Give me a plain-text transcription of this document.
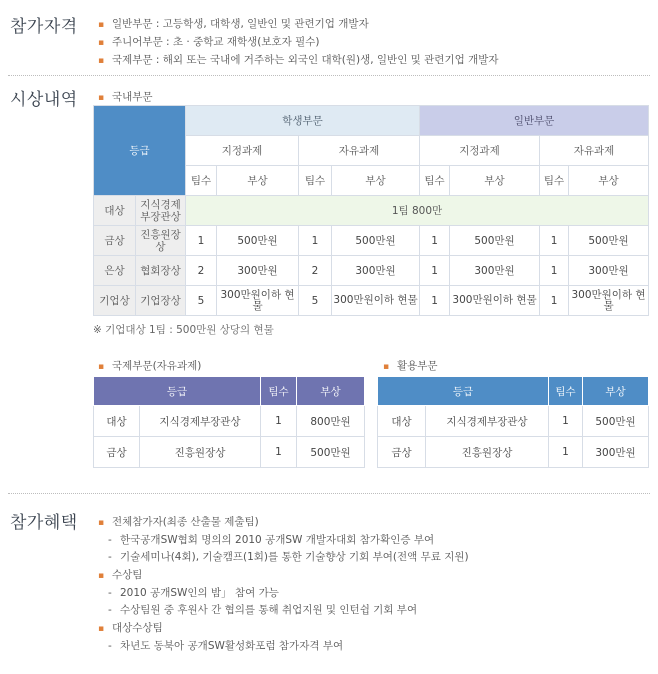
참가자격 ▪ 일반부문 : 고등학생, 대학생, 일반인 및 관련기업 개발자
▪ 주니어부문 : 초 · 중학교 재학생(보호자 필수)
▪ 국제부문 : 해외 또는 국내에 거주하는 외국인 대학(원)생, 일반인 및 관련기업 개발자
시상내역 ▪ 국내부문
등급		학생부문				일반부문			
		지정과제		자유과제		지정과제		자유과제	
		팀수	부상	팀수	부상	팀수	부상	팀수	부상
대상	지식경제부장관상	1팀 800만							
금상	진흥원장상	1	500만원	1	500만원	1	500만원	1	500만원
은상	협회장상	2	300만원	2	300만원	1	300만원	1	300만원
기업상	기업장상	5	300만원이하 현물	5	300만원이하 현물	1	300만원이하 현물	1	300만원이하 현물
※ 기업대상 1팀 : 500만원 상당의 현물
▪ 국제부문(자유과제)
등급		팀수	부상
대상	지식경제부장관상	1	800만원
금상	진흥원장상	1	500만원
▪ 활용부문
등급		팀수	부상
대상	지식경제부장관상	1	500만원
금상	진흥원장상	1	300만원
참가혜택 ▪ 전체참가자(최종 산출물 제출팀)
- 한국공개SW협회 명의의 2010 공개SW 개발자대회 참가확인증 부여
- 기술세미나(4회), 기술캠프(1회)를 통한 기술향상 기회 부여(전액 무료 지원)
▪ 수상팀
- 2010 공개SW인의 밤」 참여 가능
- 수상팀원 중 후원사 간 협의를 통해 취업지원 및 인턴쉽 기회 부여
▪ 대상수상팀
- 차년도 동북아 공개SW활성화포럼 참가자격 부여
